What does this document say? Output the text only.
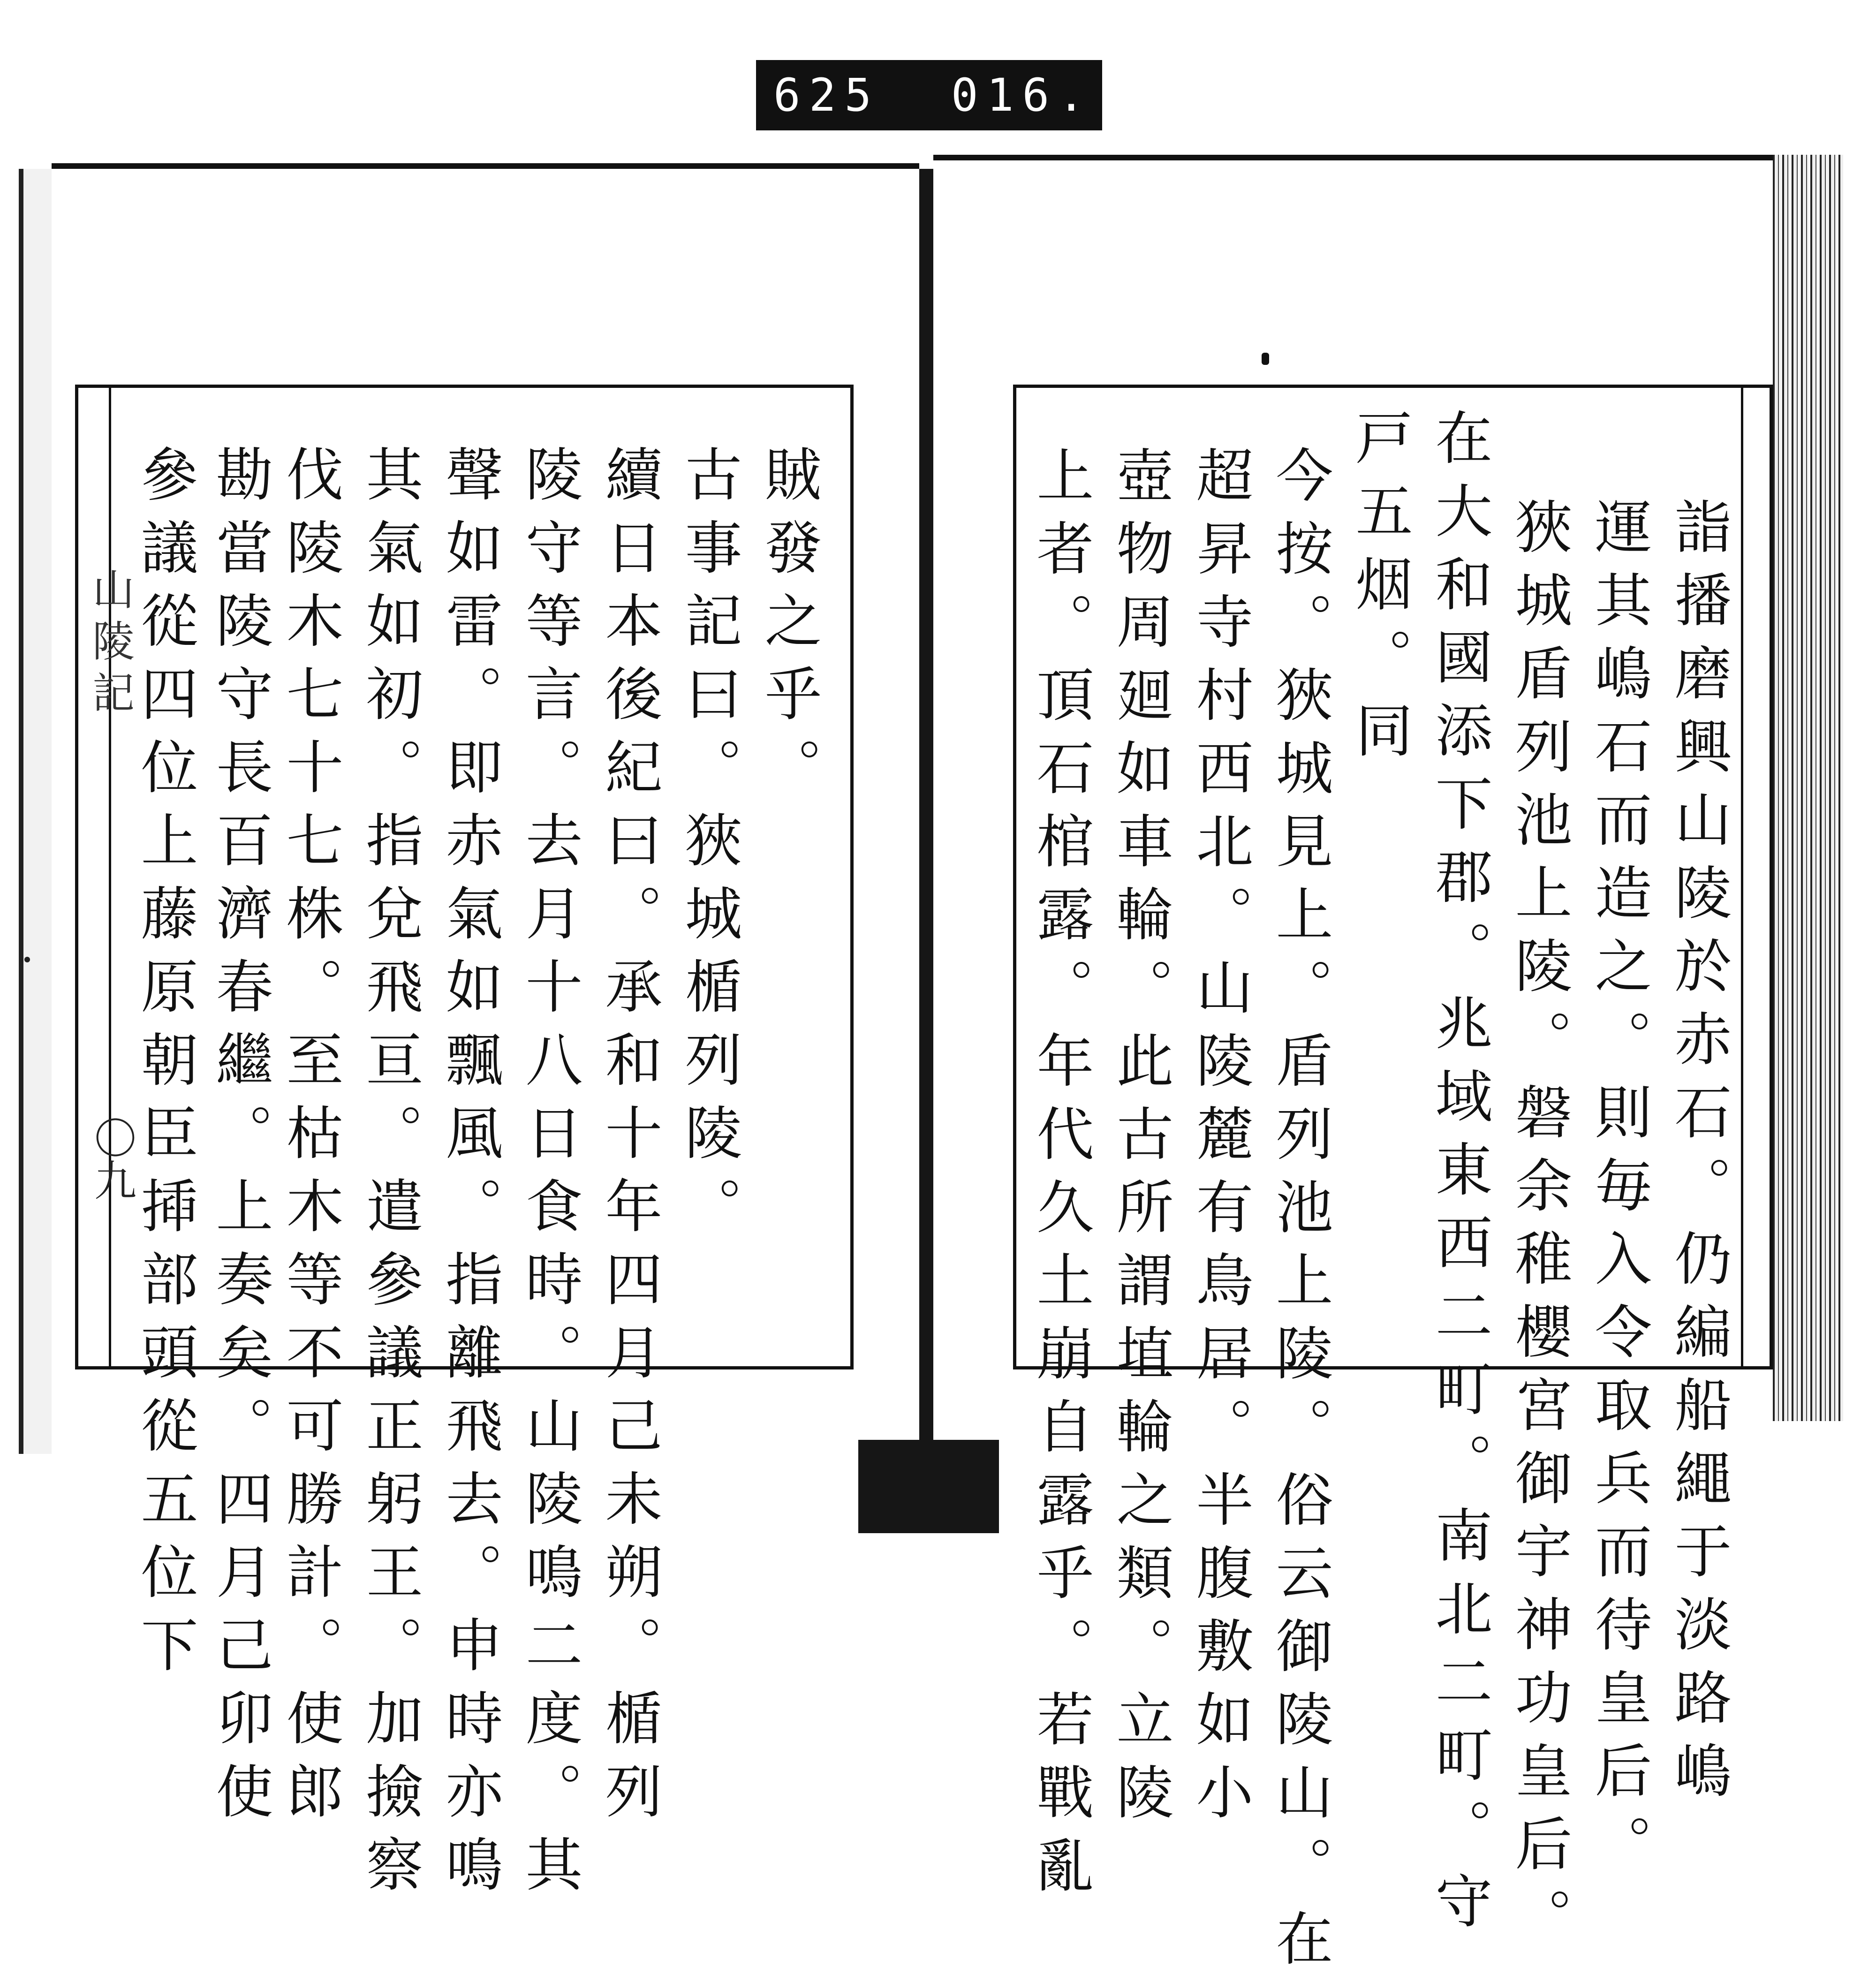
625  016.
山陵記
〇九
賊發之乎。
古事記曰。狹城楯列陵。
續日本後紀曰。承和十年四月己未朔。楯列
陵守等言。去月十八日食時。山陵鳴二度。其
聲如雷。即赤氣如飄風。指離飛去。申時亦鳴
其氣如初。指兌飛亘。遣參議正躬王。加撿察
伐陵木七十七株。至枯木等不可勝計。使郎
勘當陵守長百濟春繼。上奏矣。四月己卯使
參議從四位上藤原朝臣揷部頭從五位下	詣播磨興山陵於赤石。仍編船繩于淡路嶋
運其嶋石而造之。則毎入令取兵而待皇后。
狹城盾列池上陵。磐余稚櫻宮御宇神功皇后。
在大和國添下郡。兆域東西二町。南北二町。守
戸五烟。同
今按。狹城見上。盾列池上陵。俗云御陵山。在
超昇寺村西北。山陵麓有鳥居。半腹敷如小
壺物周廻如車輪。此古所謂埴輪之類。立陵
上者。頂石棺露。年代久土崩自露乎。若戰亂
